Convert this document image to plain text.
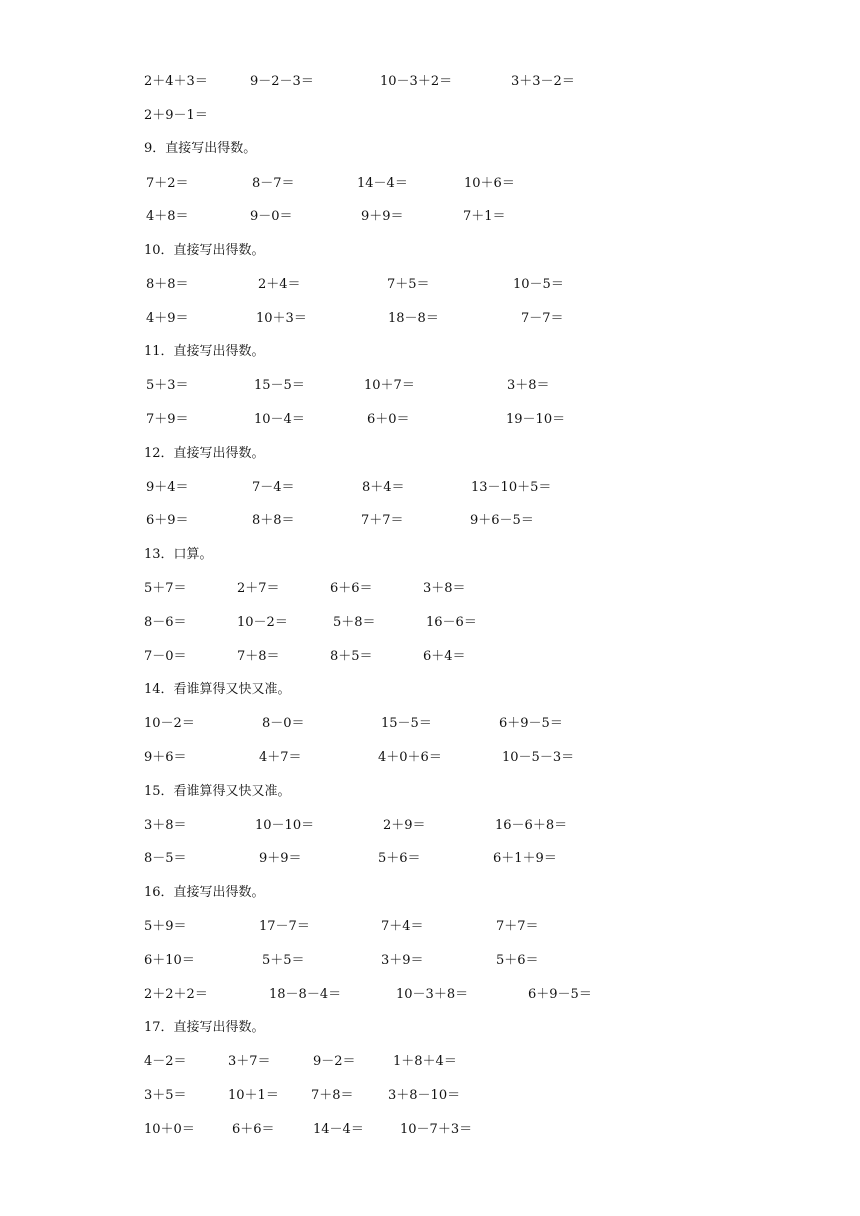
2＋4＋3＝	9－2－3＝	10－3＋2＝	3＋3－2＝
2＋9－1＝
9．直接写出得数。
7＋2＝	8－7＝	14－4＝	10＋6＝
4＋8＝	9－0＝	9＋9＝	7＋1＝
10．直接写出得数。
8＋8＝	2＋4＝	7＋5＝	10－5＝
4＋9＝	10＋3＝	18－8＝	7－7＝
11．直接写出得数。
5＋3＝	15－5＝	10＋7＝	3＋8＝
7＋9＝	10－4＝	6＋0＝	19－10＝
12．直接写出得数。
9＋4＝	7－4＝	8＋4＝	13－10＋5＝
6＋9＝	8＋8＝	7＋7＝	9＋6－5＝
13．口算。
5＋7＝	2＋7＝	6＋6＝	3＋8＝
8－6＝	10－2＝	5＋8＝	16－6＝
7－0＝	7＋8＝	8＋5＝	6＋4＝
14．看谁算得又快又准。
10－2＝	8－0＝	15－5＝	6＋9－5＝
9＋6＝	4＋7＝	4＋0＋6＝	10－5－3＝
15．看谁算得又快又准。
3＋8＝	10－10＝	2＋9＝	16－6＋8＝
8－5＝	9＋9＝	5＋6＝	6＋1＋9＝
16．直接写出得数。
5＋9＝	17－7＝	7＋4＝	7＋7＝
6＋10＝	5＋5＝	3＋9＝	5＋6＝
2＋2＋2＝	18－8－4＝	10－3＋8＝	6＋9－5＝
17．直接写出得数。
4－2＝	3＋7＝	9－2＝	1＋8＋4＝
3＋5＝	10＋1＝ 7＋8＝	3＋8－10＝
10＋0＝	6＋6＝	14－4＝	10－7＋3＝
